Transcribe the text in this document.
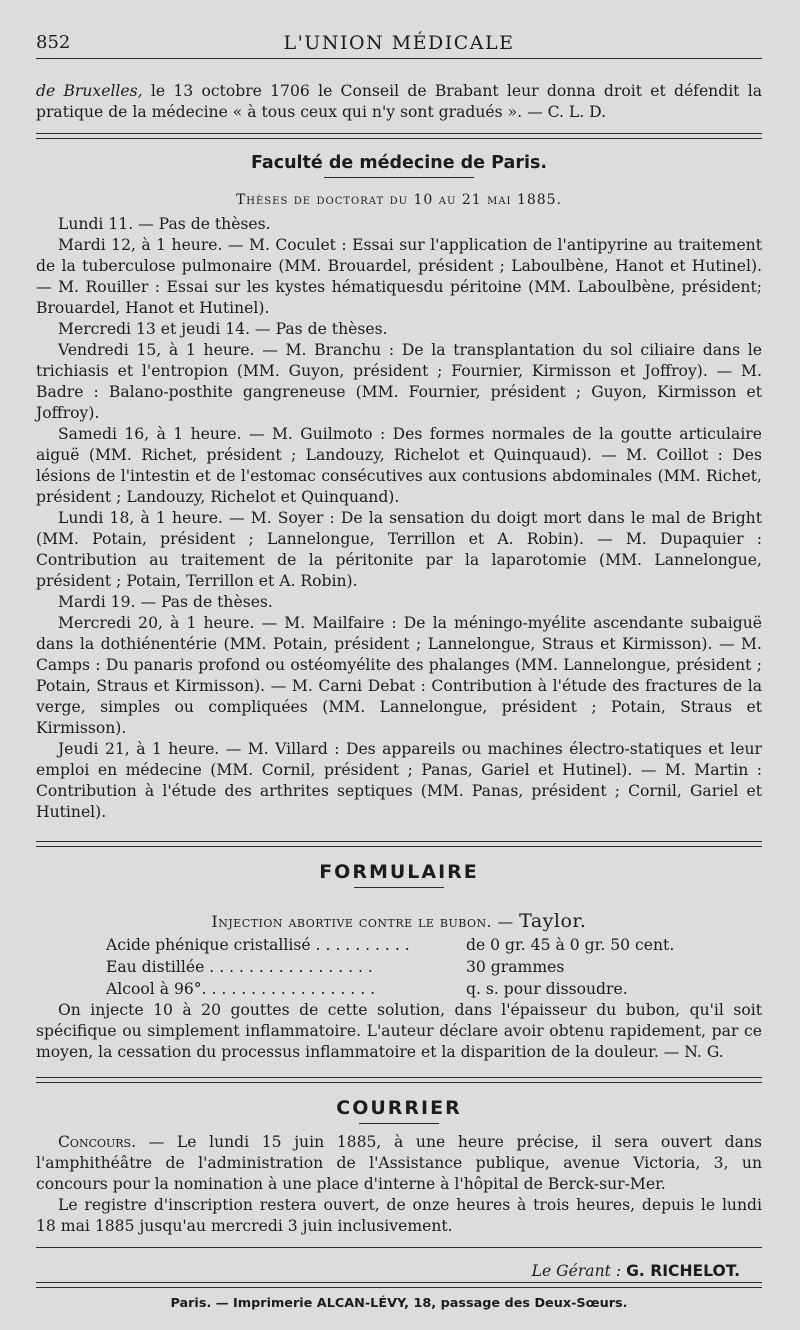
852	L'UNION MÉDICALE

de Bruxelles, le 13 octobre 1706 le Conseil de Brabant leur donna droit et défendit la pratique de la médecine « à tous ceux qui n'y sont gradués ». — C. L. D.

Faculté de médecine de Paris.
Thèses de doctorat du 10 au 21 mai 1885.

Lundi 11. — Pas de thèses.

Mardi 12, à 1 heure. — M. Coculet : Essai sur l'application de l'antipyrine au traitement de la tuberculose pulmonaire (MM. Brouardel, président ; Laboulbène, Hanot et Hutinel). — M. Rouiller : Essai sur les kystes hématiquesdu péritoine (MM. Laboulbène, président; Brouardel, Hanot et Hutinel).

Mercredi 13 et jeudi 14. — Pas de thèses.

Vendredi 15, à 1 heure. — M. Branchu : De la transplantation du sol ciliaire dans le trichiasis et l'entropion (MM. Guyon, président ; Fournier, Kirmisson et Joffroy). — M. Badre : Balano-posthite gangreneuse (MM. Fournier, président ; Guyon, Kirmisson et Joffroy).

Samedi 16, à 1 heure. — M. Guilmoto : Des formes normales de la goutte articulaire aiguë (MM. Richet, président ; Landouzy, Richelot et Quinquaud). — M. Coillot : Des lésions de l'intestin et de l'estomac consécutives aux contusions abdominales (MM. Richet, président ; Landouzy, Richelot et Quinquand).

Lundi 18, à 1 heure. — M. Soyer : De la sensation du doigt mort dans le mal de Bright (MM. Potain, président ; Lannelongue, Terrillon et A. Robin). — M. Dupaquier : Contribution au traitement de la péritonite par la laparotomie (MM. Lannelongue, président ; Potain, Terrillon et A. Robin).

Mardi 19. — Pas de thèses.

Mercredi 20, à 1 heure. — M. Mailfaire : De la méningo-myélite ascendante subaiguë dans la dothiénentérie (MM. Potain, président ; Lannelongue, Straus et Kirmisson). — M. Camps : Du panaris profond ou ostéomyélite des phalanges (MM. Lannelongue, président ; Potain, Straus et Kirmisson). — M. Carni Debat : Contribution à l'étude des fractures de la verge, simples ou compliquées (MM. Lannelongue, président ; Potain, Straus et Kirmisson).

Jeudi 21, à 1 heure. — M. Villard : Des appareils ou machines électro-statiques et leur emploi en médecine (MM. Cornil, président ; Panas, Gariel et Hutinel). — M. Martin : Contribution à l'étude des arthrites septiques (MM. Panas, président ; Cornil, Gariel et Hutinel).

FORMULAIRE
Injection abortive contre le bubon. — Taylor.
Acide phénique cristallisé . . . . . . . . . .	de 0 gr. 45 à 0 gr. 50 cent.
Eau distillée . . . . . . . . . . . . . . . . .	30 grammes
Alcool à 96°. . . . . . . . . . . . . . . . . .	q. s. pour dissoudre.

On injecte 10 à 20 gouttes de cette solution, dans l'épaisseur du bubon, qu'il soit spécifique ou simplement inflammatoire. L'auteur déclare avoir obtenu rapidement, par ce moyen, la cessation du processus inflammatoire et la disparition de la douleur. — N. G.

COURRIER

Concours. — Le lundi 15 juin 1885, à une heure précise, il sera ouvert dans l'amphithéâtre de l'administration de l'Assistance publique, avenue Victoria, 3, un concours pour la nomination à une place d'interne à l'hôpital de Berck-sur-Mer.

Le registre d'inscription restera ouvert, de onze heures à trois heures, depuis le lundi 18 mai 1885 jusqu'au mercredi 3 juin inclusivement.

Le Gérant : G. RICHELOT.
Paris. — Imprimerie ALCAN-LÉVY, 18, passage des Deux-Sœurs.
